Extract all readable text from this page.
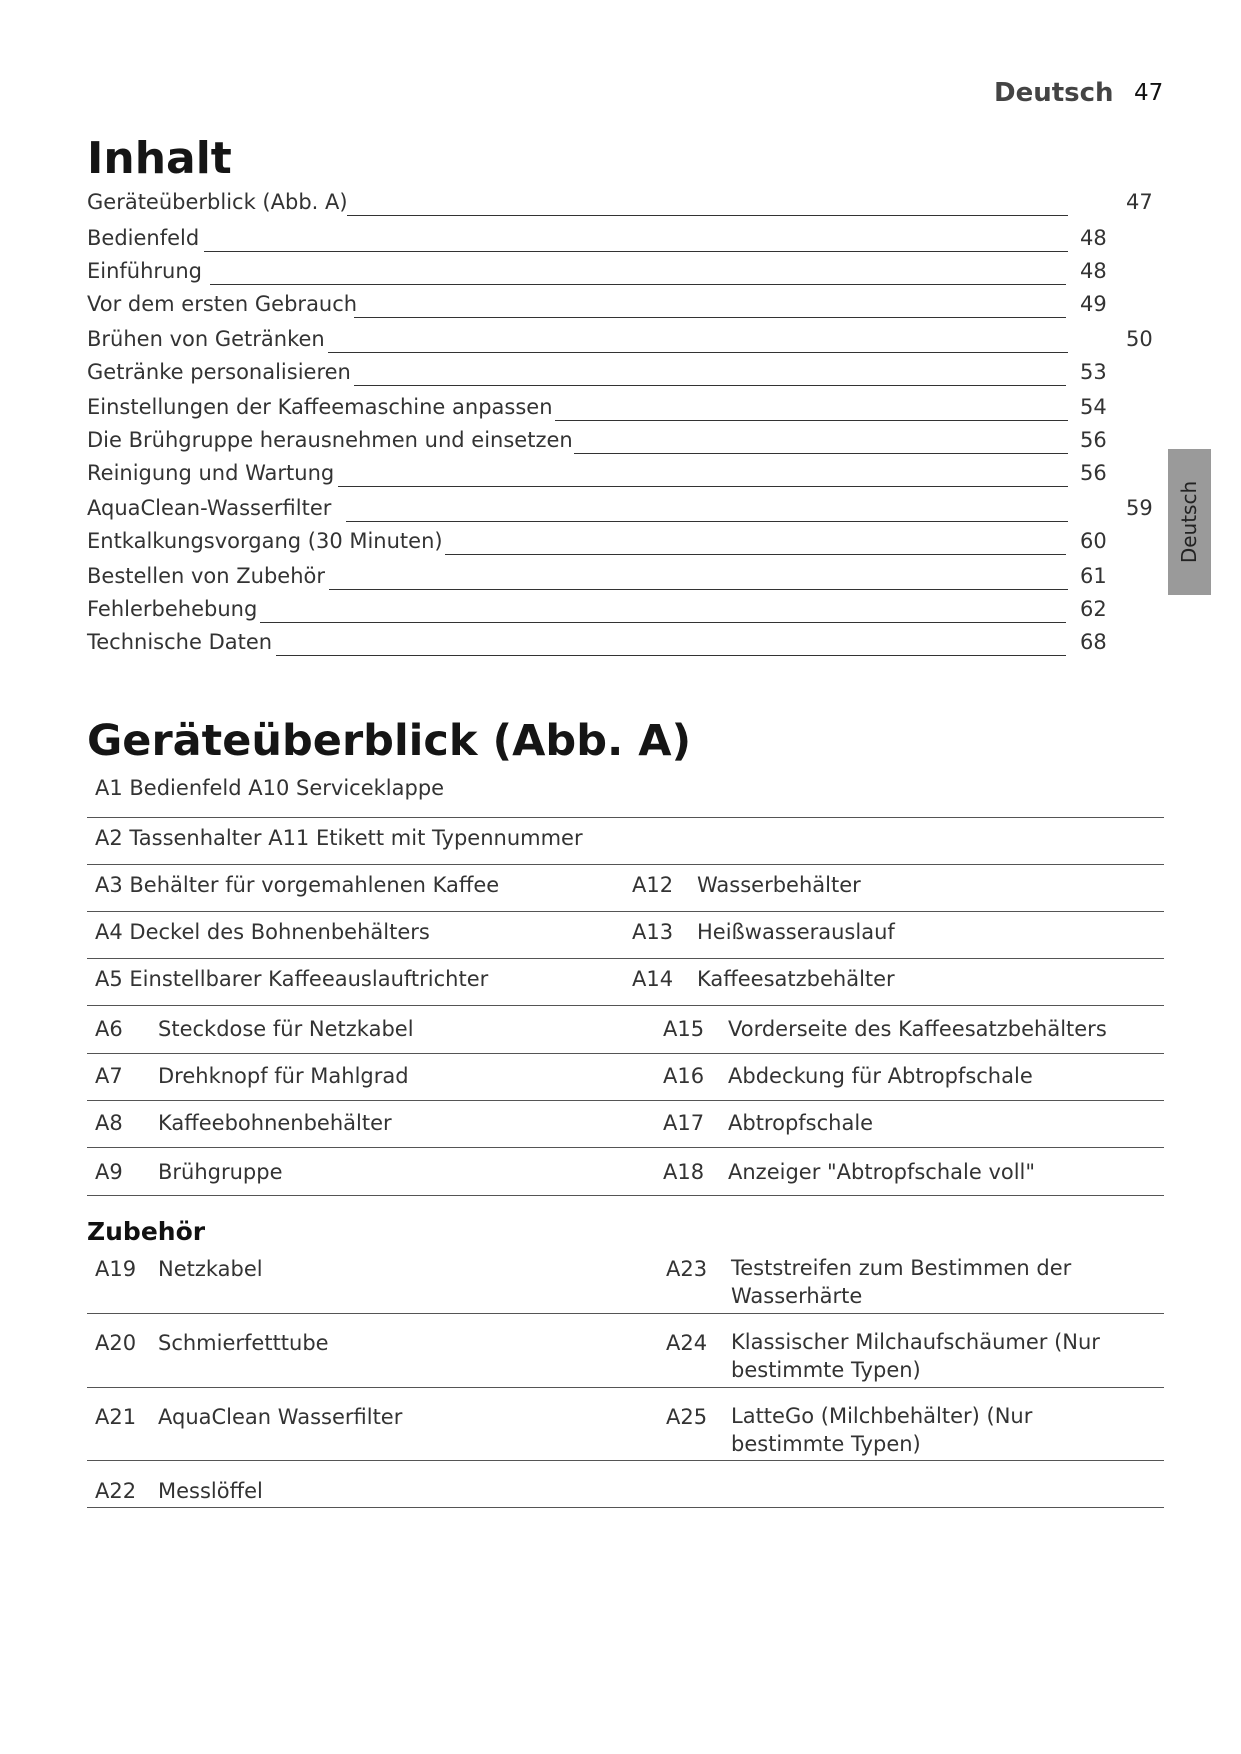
Deutsch 47
Inhalt
Geräteüberblick (Abb. A)	47
Bedienfeld	48
Einführung	48
Vor dem ersten Gebrauch	49
Brühen von Getränken	50
Getränke personalisieren	53
Einstellungen der Kaffeemaschine anpassen	54
Die Brühgruppe herausnehmen und einsetzen	56
Reinigung und Wartung	56
AquaClean-Wasserfilter	59
Entkalkungsvorgang (30 Minuten)	60
Bestellen von Zubehör	61
Fehlerbehebung	62
Technische Daten	68
Deutsch
Geräteüberblick (Abb. A)
A1 Bedienfeld A10 Serviceklappe
A2 Tassenhalter A11 Etikett mit Typennummer
A3 Behälter für vorgemahlenen Kaffee	A12 Wasserbehälter
A4 Deckel des Bohnenbehälters	A13 Heißwasserauslauf
A5 Einstellbarer Kaffeeauslauftrichter	A14 Kaffeesatzbehälter
A6 Steckdose für Netzkabel	A15 Vorderseite des Kaffeesatzbehälters
A7 Drehknopf für Mahlgrad	A16 Abdeckung für Abtropfschale
A8 Kaffeebohnenbehälter	A17 Abtropfschale
A9 Brühgruppe	A18 Anzeiger "Abtropfschale voll"
Zubehör
A19 Netzkabel	A23 Teststreifen zum Bestimmen der Wasserhärte
A20 Schmierfetttube	A24 Klassischer Milchaufschäumer (Nur bestimmte Typen)
A21 AquaClean Wasserfilter	A25 LatteGo (Milchbehälter) (Nur bestimmte Typen)
A22 Messlöffel
